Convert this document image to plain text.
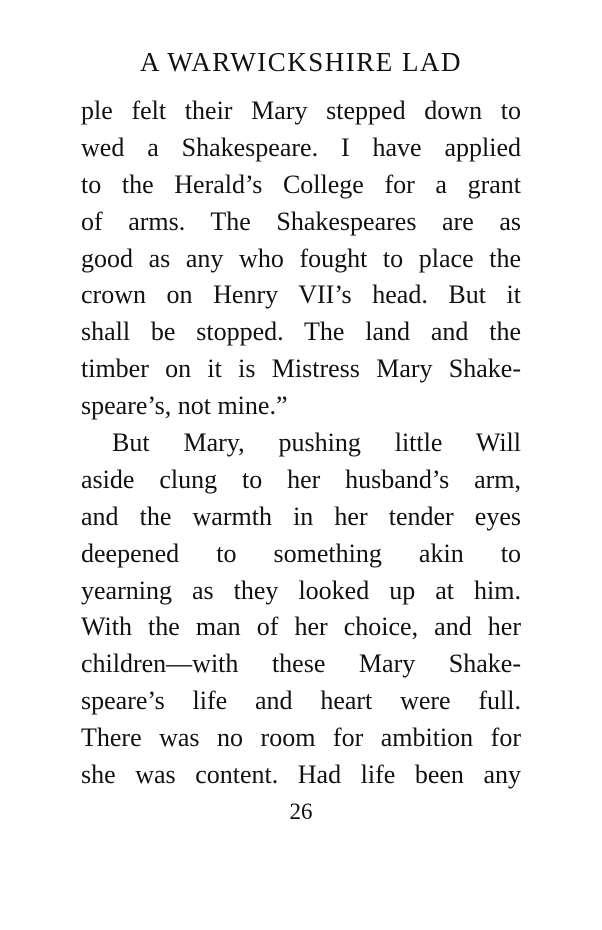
A WARWICKSHIRE LAD
ple felt their Mary stepped down to
wed a Shakespeare. I have applied
to the Herald’s College for a grant
of arms. The Shakespeares are as
good as any who fought to place the
crown on Henry VII’s head. But it
shall be stopped. The land and the
timber on it is Mistress Mary Shake-
speare’s, not mine.”
But Mary, pushing little Will
aside clung to her husband’s arm,
and the warmth in her tender eyes
deepened to something akin to
yearning as they looked up at him.
With the man of her choice, and her
children—with these Mary Shake-
speare’s life and heart were full.
There was no room for ambition for
she was content. Had life been any
26
